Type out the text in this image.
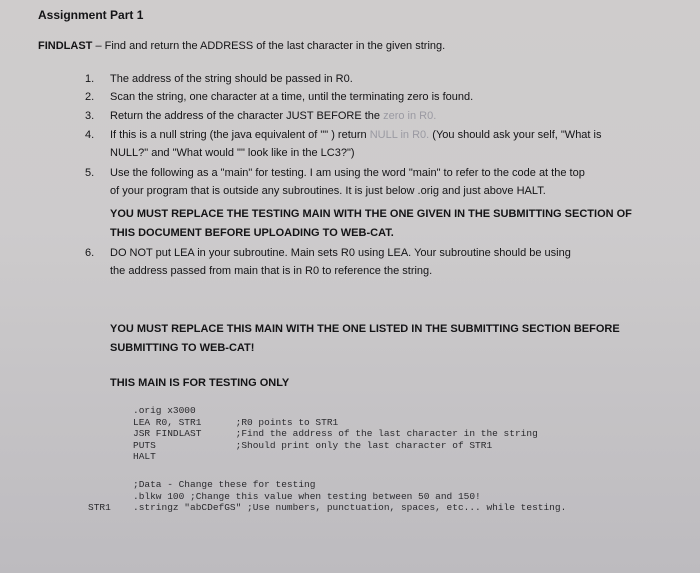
Assignment Part 1
FINDLAST – Find and return the ADDRESS of the last character in the given string.
1. The address of the string should be passed in R0.
2. Scan the string, one character at a time, until the terminating zero is found.
3. Return the address of the character JUST BEFORE the zero in R0.
4. If this is a null string (the java equivalent of "" ) return NULL in R0. (You should ask your self, "What is
NULL?" and "What would "" look like in the LC3?")
5. Use the following as a "main" for testing. I am using the word "main" to refer to the code at the top
of your program that is outside any subroutines. It is just below .orig and just above HALT.
YOU MUST REPLACE THE TESTING MAIN WITH THE ONE GIVEN IN THE SUBMITTING SECTION OF
THIS DOCUMENT BEFORE UPLOADING TO WEB-CAT.
6. DO NOT put LEA in your subroutine. Main sets R0 using LEA. Your subroutine should be using
the address passed from main that is in R0 to reference the string.
YOU MUST REPLACE THIS MAIN WITH THE ONE LISTED IN THE SUBMITTING SECTION BEFORE
SUBMITTING TO WEB-CAT!
THIS MAIN IS FOR TESTING ONLY
.orig x3000
LEA R0, STR1      ;R0 points to STR1
JSR FINDLAST      ;Find the address of the last character in the string
PUTS              ;Should print only the last character of STR1
HALT
;Data - Change these for testing
.blkw 100 ;Change this value when testing between 50 and 150!
.stringz "abCDefGS" ;Use numbers, punctuation, spaces, etc... while testing.
STR1
